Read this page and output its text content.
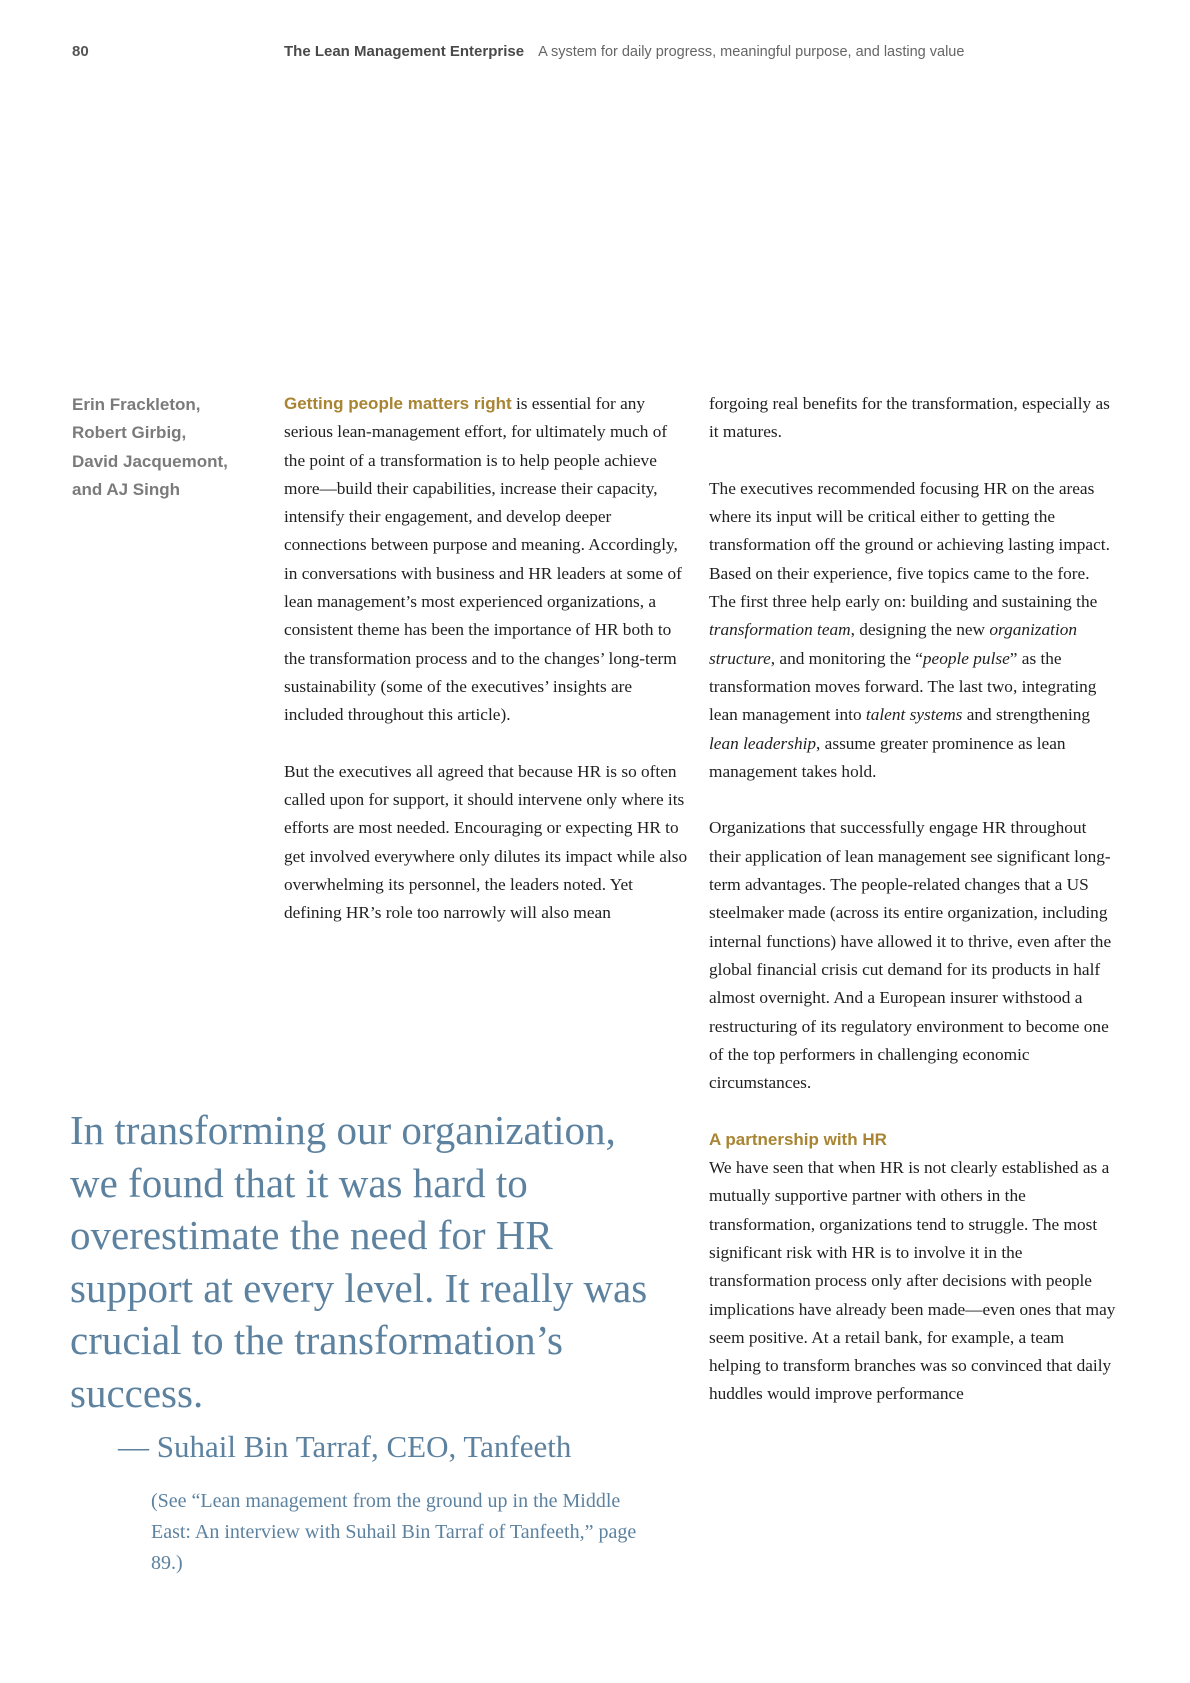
80	The Lean Management Enterprise A system for daily progress, meaningful purpose, and lasting value
Erin Frackleton,
Robert Girbig,
David Jacquemont,
and AJ Singh

Getting people matters right is essential for any serious lean-management effort, for ultimately much of the point of a transformation is to help people achieve more—build their capabilities, increase their capacity, intensify their engagement, and develop deeper connections between purpose and meaning. Accordingly, in conversations with business and HR leaders at some of lean management’s most experienced organizations, a consistent theme has been the importance of HR both to the transformation process and to the changes’ long-term sustainability (some of the executives’ insights are included throughout this article).

But the executives all agreed that because HR is so often called upon for support, it should intervene only where its efforts are most needed. Encouraging or expecting HR to get involved everywhere only dilutes its impact while also overwhelming its personnel, the leaders noted. Yet defining HR’s role too narrowly will also mean

forgoing real benefits for the transformation, especially as it matures.

The executives recommended focusing HR on the areas where its input will be critical either to getting the transformation off the ground or achieving lasting impact. Based on their experience, five topics came to the fore. The first three help early on: building and sustaining the transformation team, designing the new organization structure, and monitoring the “people pulse” as the transformation moves forward. The last two, integrating lean management into talent systems and strengthening lean leadership, assume greater prominence as lean management takes hold.

Organizations that successfully engage HR throughout their application of lean management see significant long-term advantages. The people-related changes that a US steelmaker made (across its entire organization, including internal functions) have allowed it to thrive, even after the global financial crisis cut demand for its products in half almost overnight. And a European insurer withstood a restructuring of its regulatory environment to become one of the top performers in challenging economic circumstances.

A partnership with HR

We have seen that when HR is not clearly established as a mutually supportive partner with others in the transformation, organizations tend to struggle. The most significant risk with HR is to involve it in the transformation process only after decisions with people implications have already been made—even ones that may seem positive. At a retail bank, for example, a team helping to transform branches was so convinced that daily huddles would improve performance

In transforming our organization, we found that it was hard to overestimate the need for HR support at every level. It really was crucial to the transformation’s success.
— Suhail Bin Tarraf, CEO, Tanfeeth
(See “Lean management from the ground up in the Middle East: An interview with Suhail Bin Tarraf of Tanfeeth,” page 89.)
